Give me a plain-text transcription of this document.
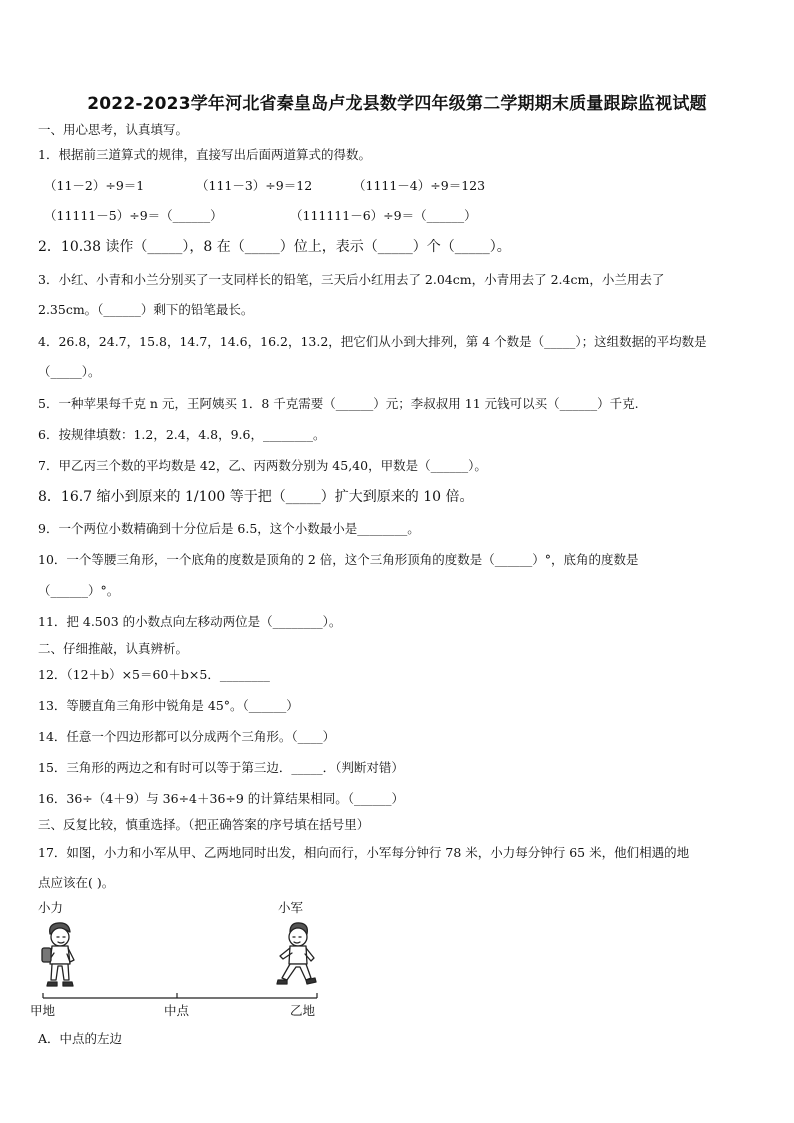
2022-2023学年河北省秦皇岛卢龙县数学四年级第二学期期末质量跟踪监视试题
一、用心思考，认真填写。
1．根据前三道算式的规律，直接写出后面两道算式的得数。
（11－2）÷9＝1	（111－3）÷9＝12	（1111－4）÷9＝123
（11111－5）÷9＝（______）	（111111－6）÷9＝（______）
2．10.38 读作（_____），8 在（_____）位上，表示（_____）个（_____）。
3．小红、小青和小兰分别买了一支同样长的铅笔，三天后小红用去了 2.04cm，小青用去了 2.4cm，小兰用去了
2.35cm。（______）剩下的铅笔最长。
4．26.8，24.7，15.8，14.7，14.6，16.2，13.2，把它们从小到大排列，第 4 个数是（_____）；这组数据的平均数是
（_____）。
5．一种苹果每千克 n 元，王阿姨买 1．8 千克需要（______）元；李叔叔用 11 元钱可以买（______）千克.
6．按规律填数：1.2，2.4，4.8，9.6，________。
7．甲乙丙三个数的平均数是 42，乙、丙两数分别为 45,40，甲数是（______）。
8．16.7 缩小到原来的 1/100 等于把（_____）扩大到原来的 10 倍。
9．一个两位小数精确到十分位后是 6.5，这个小数最小是________。
10．一个等腰三角形，一个底角的度数是顶角的 2 倍，这个三角形顶角的度数是（______）°，底角的度数是
（______）°。
11．把 4.503 的小数点向左移动两位是（________）。
二、仔细推敲，认真辨析。
12．（12＋b）×5＝60＋b×5．________
13．等腰直角三角形中锐角是 45°。（______）
14．任意一个四边形都可以分成两个三角形。（____）
15．三角形的两边之和有时可以等于第三边．_____．（判断对错）
16．36÷（4＋9）与 36÷4＋36÷9 的计算结果相同。（______）
三、反复比较，慎重选择。（把正确答案的序号填在括号里）
17．如图，小力和小军从甲、乙两地同时出发，相向而行，小军每分钟行 78 米，小力每分钟行 65 米，他们相遇的地
点应该在( )。
小力	小军
甲地	中点	乙地
A．中点的左边
